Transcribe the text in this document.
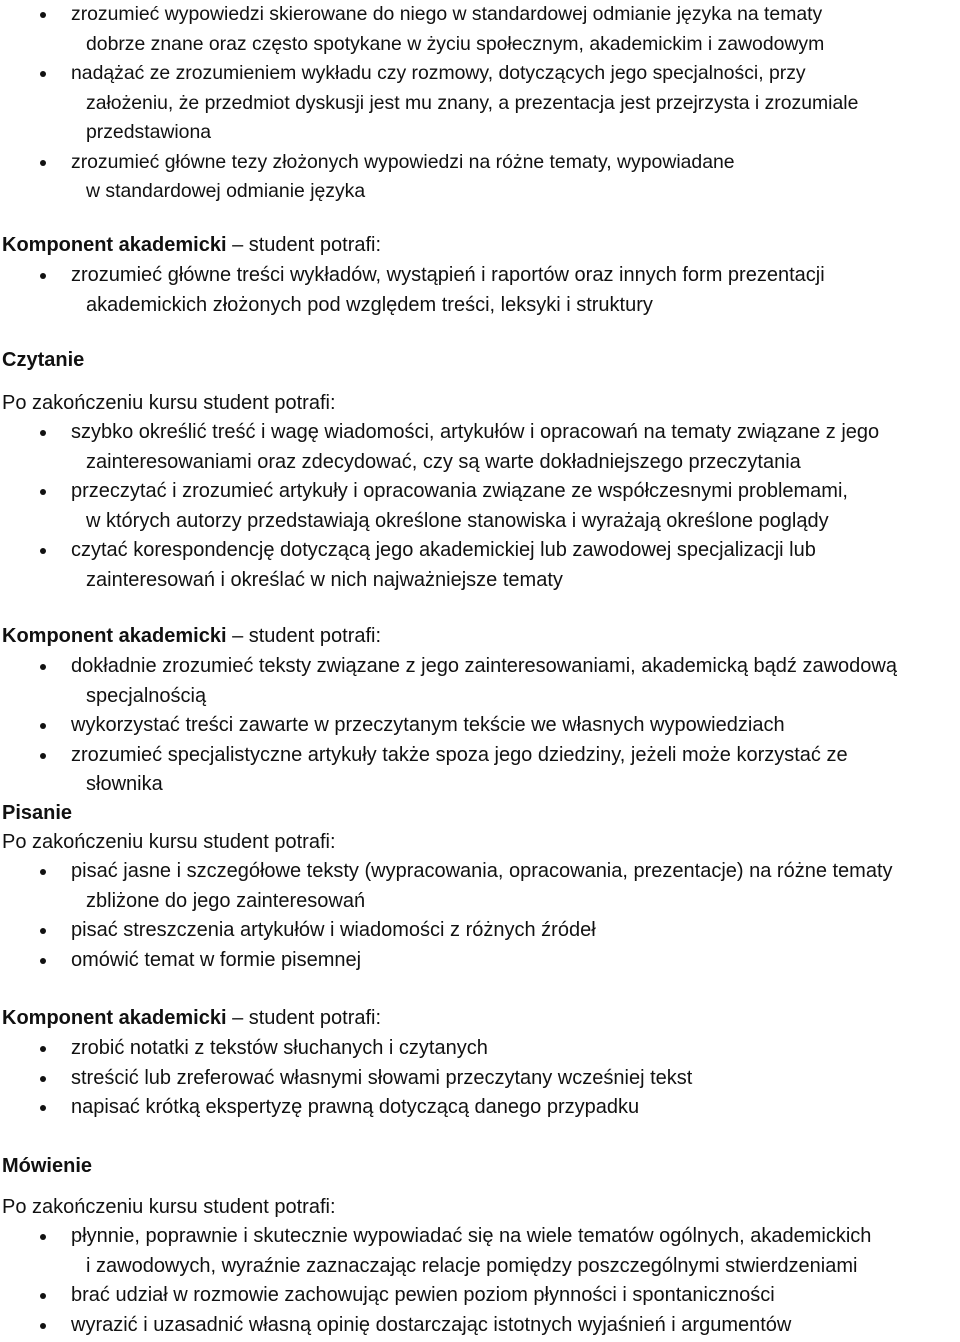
zrozumieć wypowiedzi skierowane do niego w standardowej odmianie języka na tematy

dobrze znane oraz często spotykane w życiu społecznym, akademickim i zawodowym
nadążać ze zrozumieniem wykładu czy rozmowy, dotyczących jego specjalności, przy

założeniu, że przedmiot dyskusji jest mu znany, a prezentacja jest przejrzysta i zrozumiale
przedstawiona
zrozumieć główne tezy złożonych wypowiedzi na różne tematy, wypowiadane

w standardowej odmianie języka
Komponent akademicki – student potrafi:
zrozumieć główne treści wykładów, wystąpień i raportów oraz innych form prezentacji

akademickich złożonych pod względem treści, leksyki i struktury
Czytanie
Po zakończeniu kursu student potrafi:
szybko określić treść i wagę wiadomości, artykułów i opracowań na tematy związane z jego

zainteresowaniami oraz zdecydować, czy są warte dokładniejszego przeczytania
przeczytać i zrozumieć artykuły i opracowania związane ze współczesnymi problemami,

w których autorzy przedstawiają określone stanowiska i wyrażają określone poglądy
czytać korespondencję dotyczącą jego akademickiej lub zawodowej specjalizacji lub

zainteresowań i określać w nich najważniejsze tematy
Komponent akademicki – student potrafi:
dokładnie zrozumieć teksty związane z jego zainteresowaniami, akademicką bądź zawodową

specjalnością
wykorzystać treści zawarte w przeczytanym tekście we własnych wypowiedziach
zrozumieć specjalistyczne artykuły także spoza jego dziedziny, jeżeli może korzystać ze

słownika
Pisanie
Po zakończeniu kursu student potrafi:
pisać jasne i szczegółowe teksty (wypracowania, opracowania, prezentacje) na różne tematy

zbliżone do jego zainteresowań
pisać streszczenia artykułów i wiadomości z różnych źródeł
omówić temat w formie pisemnej
Komponent akademicki – student potrafi:
zrobić notatki z tekstów słuchanych i czytanych
streścić lub zreferować własnymi słowami przeczytany wcześniej tekst
napisać krótką ekspertyzę prawną dotyczącą danego przypadku
Mówienie
Po zakończeniu kursu student potrafi:
płynnie, poprawnie i skutecznie wypowiadać się na wiele tematów ogólnych, akademickich

i zawodowych, wyraźnie zaznaczając relacje pomiędzy poszczególnymi stwierdzeniami
brać udział w rozmowie zachowując pewien poziom płynności i spontaniczności
wyrazić i uzasadnić własną opinię dostarczając istotnych wyjaśnień i argumentów
